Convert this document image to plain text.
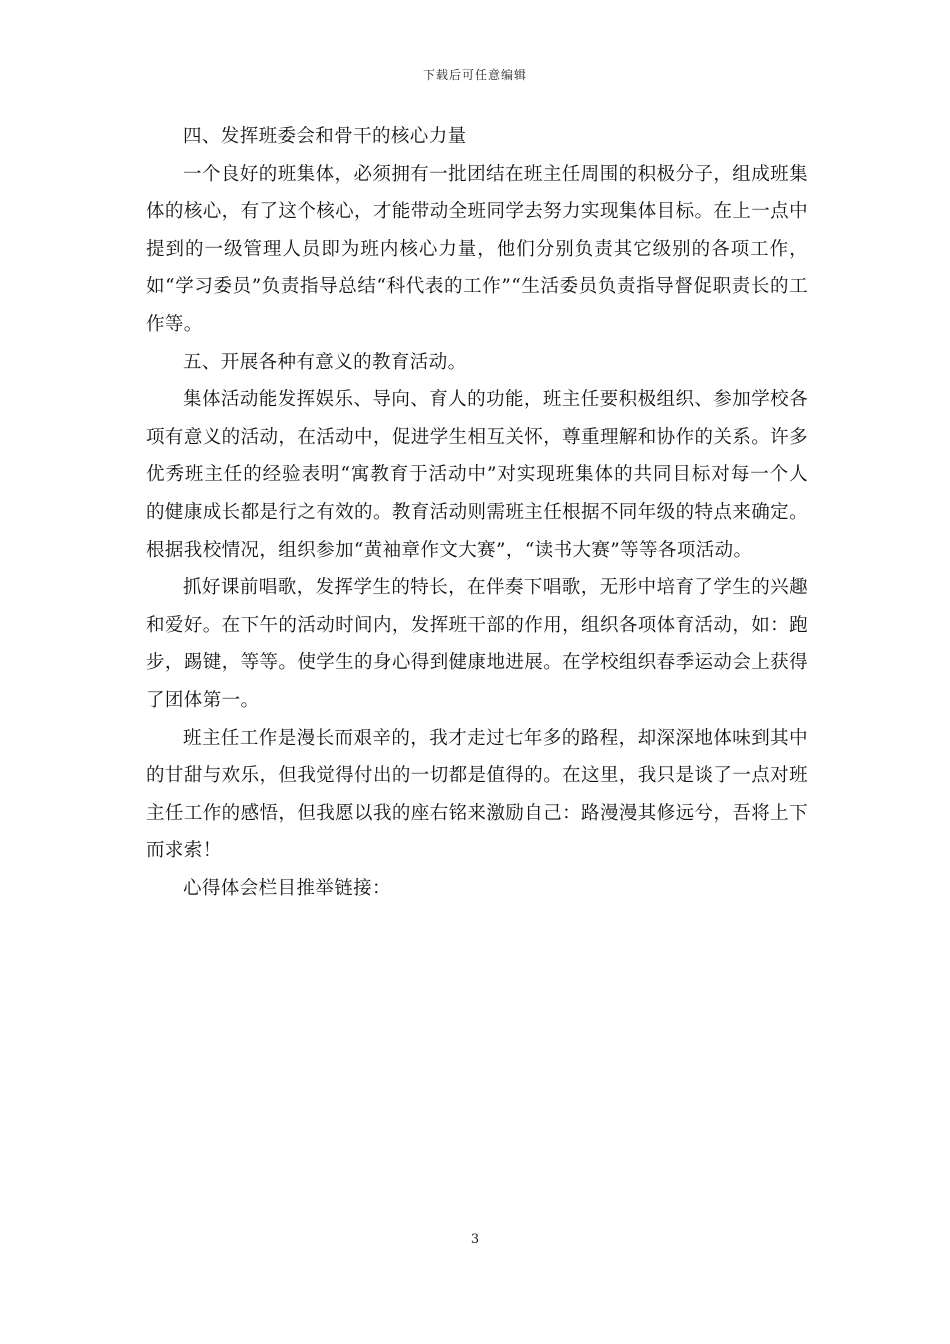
下载后可任意编辑

四、发挥班委会和骨干的核心力量

一个良好的班集体，必须拥有一批团结在班主任周围的积极分子，组成班集体的核心，有了这个核心，才能带动全班同学去努力实现集体目标。在上一点中提到的一级管理人员即为班内核心力量，他们分别负责其它级别的各项工作，如“学习委员”负责指导总结“科代表的工作”“生活委员负责指导督促职责长的工作等。

五、开展各种有意义的教育活动。

集体活动能发挥娱乐、导向、育人的功能，班主任要积极组织、参加学校各项有意义的活动，在活动中，促进学生相互关怀，尊重理解和协作的关系。许多优秀班主任的经验表明“寓教育于活动中”对实现班集体的共同目标对每一个人的健康成长都是行之有效的。教育活动则需班主任根据不同年级的特点来确定。根据我校情况，组织参加“黄袖章作文大赛”，“读书大赛”等等各项活动。

抓好课前唱歌，发挥学生的特长，在伴奏下唱歌，无形中培育了学生的兴趣和爱好。在下午的活动时间内，发挥班干部的作用，组织各项体育活动，如：跑步，踢键，等等。使学生的身心得到健康地进展。在学校组织春季运动会上获得了团体第一。

班主任工作是漫长而艰辛的，我才走过七年多的路程，却深深地体味到其中的甘甜与欢乐，但我觉得付出的一切都是值得的。在这里，我只是谈了一点对班主任工作的感悟，但我愿以我的座右铭来激励自己：路漫漫其修远兮，吾将上下而求索！

心得体会栏目推举链接：

3
